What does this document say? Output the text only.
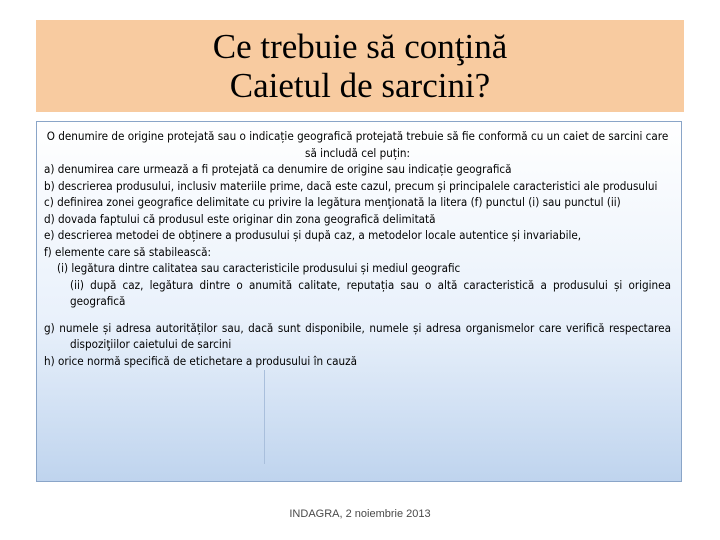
Ce trebuie să conţină
Caietul de sarcini?

O denumire de origine protejată sau o indicație geografică protejată trebuie să fie conformă cu un caiet de sarcini care să includă cel puțin:

a) denumirea care urmează a fi protejată ca denumire de origine sau indicație geografică

b) descrierea produsului, inclusiv materiile prime, dacă este cazul, precum și principalele caracteristici ale produsului

c) definirea zonei geografice delimitate cu privire la legătura menţionată la litera (f) punctul (i) sau punctul (ii)

d) dovada faptului că produsul este originar din zona geografică delimitată

e) descrierea metodei de obținere a produsului și după caz, a metodelor locale autentice și invariabile,

f) elemente care să stabilească:

(i) legătura dintre calitatea sau caracteristicile produsului și mediul geografic

(ii) după caz, legătura dintre o anumită calitate, reputația sau o altă caracteristică a produsului și originea geografică

g) numele și adresa autorităților sau, dacă sunt disponibile, numele și adresa organismelor care verifică respectarea dispoziţiilor caietului de sarcini

h) orice normă specifică de etichetare a produsului în cauză

INDAGRA, 2 noiembrie 2013
